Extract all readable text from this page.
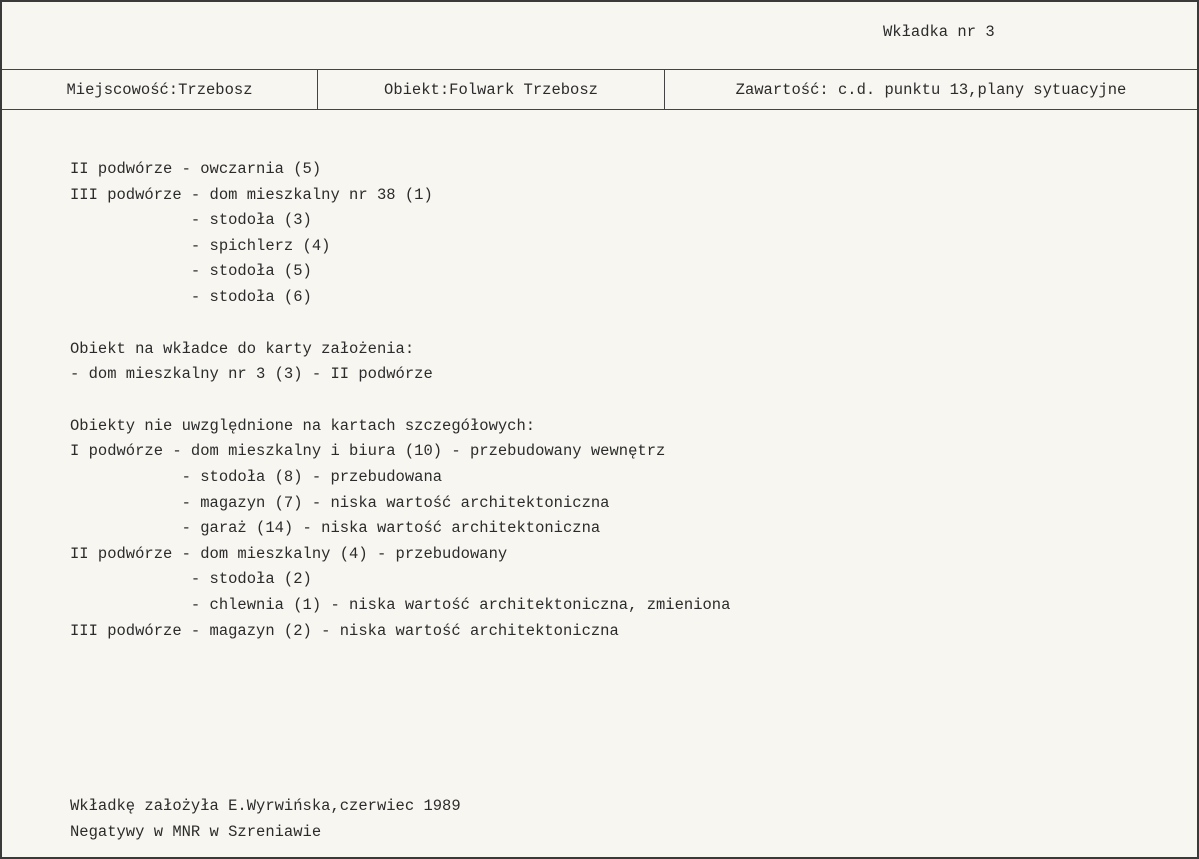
Wkładka nr 3
Miejscowość:Trzebosz	Obiekt:Folwark Trzebosz	Zawartość: c.d. punktu 13,plany sytuacyjne
II podwórze - owczarnia (5)
III podwórze - dom mieszkalny nr 38 (1)
- stodoła (3)
- spichlerz (4)
- stodoła (5)
- stodoła (6)
Obiekt na wkładce do karty założenia:
- dom mieszkalny nr 3 (3) - II podwórze
Obiekty nie uwzględnione na kartach szczegółowych:
I podwórze - dom mieszkalny i biura (10) - przebudowany wewnętrz
- stodoła (8) - przebudowana
- magazyn (7) - niska wartość architektoniczna
- garaż (14) - niska wartość architektoniczna
II podwórze - dom mieszkalny (4) - przebudowany
- stodoła (2)
- chlewnia (1) - niska wartość architektoniczna, zmieniona
III podwórze - magazyn (2) - niska wartość architektoniczna
Wkładkę założyła E.Wyrwińska,czerwiec 1989
Negatywy w MNR w Szreniawie
